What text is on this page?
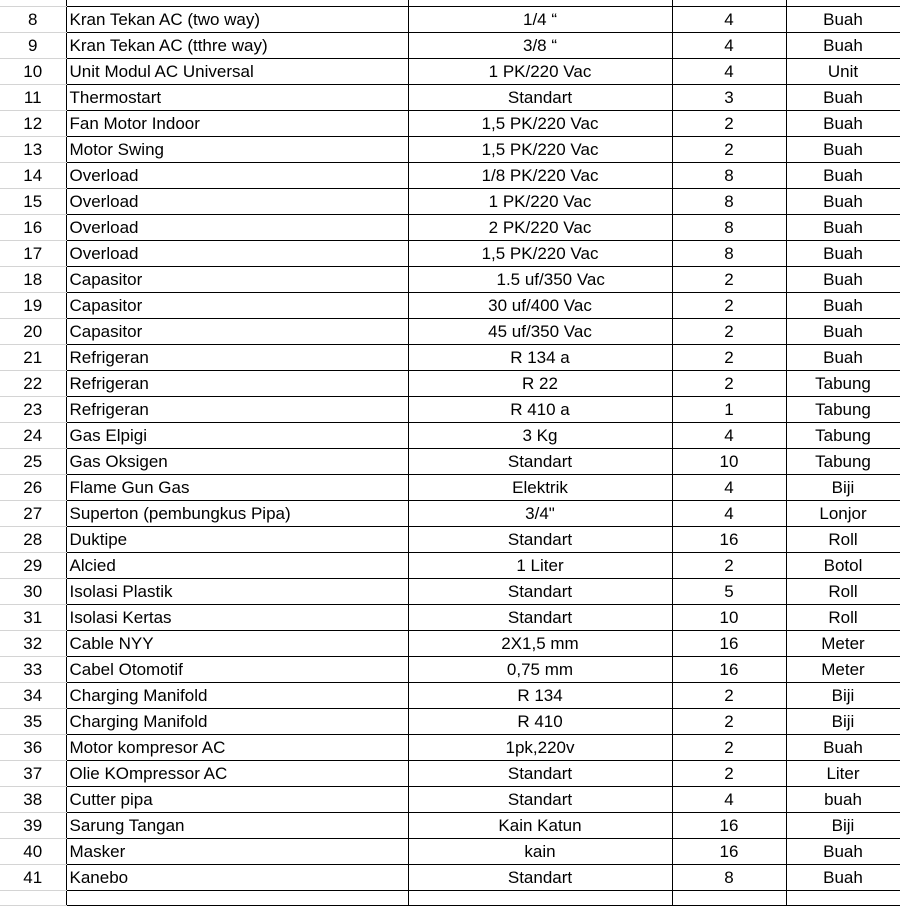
8	Kran Tekan AC (two way)	1/4 “	4	Buah
9	Kran Tekan AC (tthre way)	3/8 “	4	Buah
10	Unit Modul AC Universal	1 PK/220 Vac	4	Unit
11	Thermostart	Standart	3	Buah
12	Fan Motor Indoor	1,5 PK/220 Vac	2	Buah
13	Motor Swing	1,5 PK/220 Vac	2	Buah
14	Overload	1/8 PK/220 Vac	8	Buah
15	Overload	1 PK/220 Vac	8	Buah
16	Overload	2 PK/220 Vac	8	Buah
17	Overload	1,5 PK/220 Vac	8	Buah
18	Capasitor	1.5 uf/350 Vac	2	Buah
19	Capasitor	30 uf/400 Vac	2	Buah
20	Capasitor	45 uf/350 Vac	2	Buah
21	Refrigeran	R 134 a	2	Buah
22	Refrigeran	R 22	2	Tabung
23	Refrigeran	R 410 a	1	Tabung
24	Gas Elpigi	3 Kg	4	Tabung
25	Gas Oksigen	Standart	10	Tabung
26	Flame Gun Gas	Elektrik	4	Biji
27	Superton (pembungkus Pipa)	3/4"	4	Lonjor
28	Duktipe	Standart	16	Roll
29	Alcied	1 Liter	2	Botol
30	Isolasi Plastik	Standart	5	Roll
31	Isolasi Kertas	Standart	10	Roll
32	Cable NYY	2X1,5 mm	16	Meter
33	Cabel Otomotif	0,75 mm	16	Meter
34	Charging Manifold	R 134	2	Biji
35	Charging Manifold	R 410	2	Biji
36	Motor kompresor AC	1pk,220v	2	Buah
37	Olie KOmpressor AC	Standart	2	Liter
38	Cutter pipa	Standart	4	buah
39	Sarung Tangan	Kain Katun	16	Biji
40	Masker	kain	16	Buah
41	Kanebo	Standart	8	Buah
